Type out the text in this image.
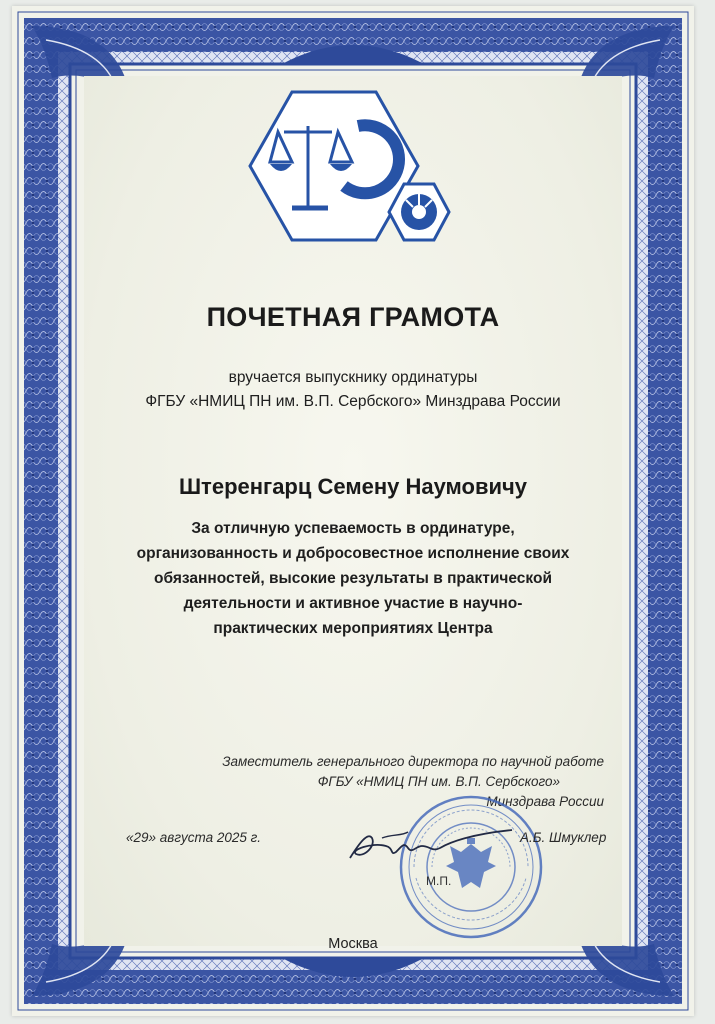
ПОЧЕТНАЯ ГРАМОТА
вручается выпускнику ординатуры
ФГБУ «НМИЦ ПН им. В.П. Сербского» Минздрава России
Штеренгарц Семену Наумовичу
За отличную успеваемость в ординатуре,
организованность и добросовестное исполнение своих
обязанностей, высокие результаты в практической
деятельности и активное участие в научно-
практических мероприятиях Центра
Заместитель генерального директора по научной работе
ФГБУ «НМИЦ ПН им. В.П. Сербского»
Минздрава России
«29» августа 2025 г.	А.Б. Шмуклер
М.П.
Москва
